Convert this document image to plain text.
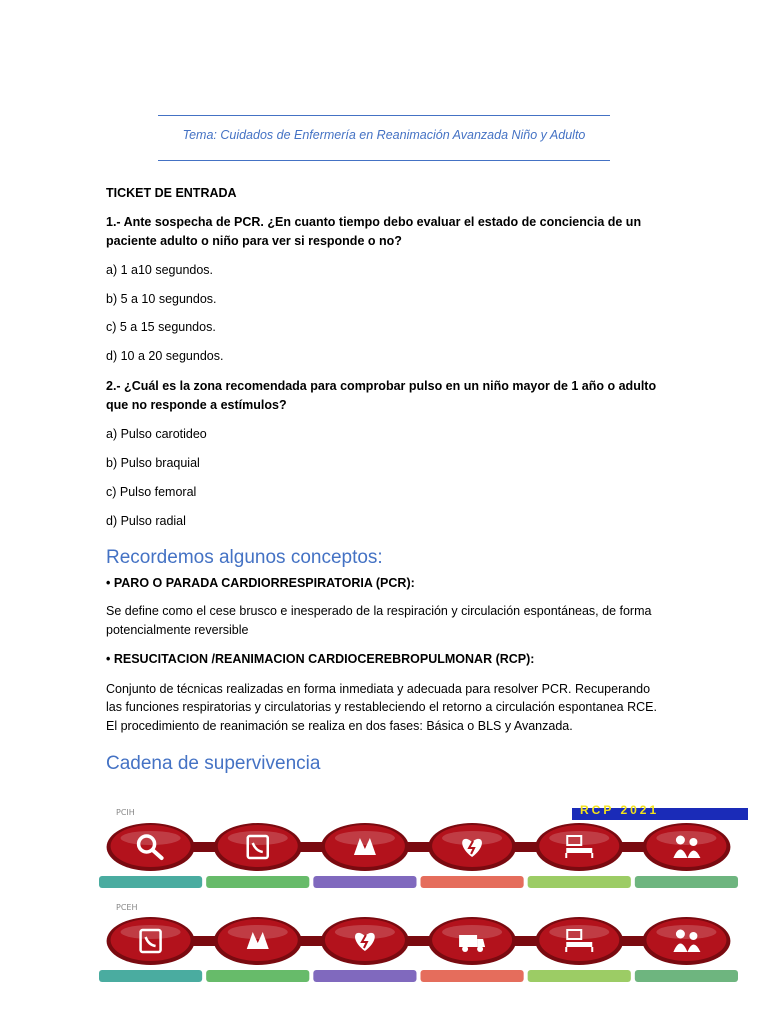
Tema: Cuidados de Enfermería en Reanimación Avanzada Niño y Adulto
TICKET DE ENTRADA
1.- Ante sospecha de PCR. ¿En cuanto tiempo debo evaluar el estado de conciencia de un
paciente adulto o niño para ver si responde o no?
a) 1 a10 segundos.
b) 5 a 10 segundos.
c) 5 a 15 segundos.
d) 10 a 20 segundos.
2.- ¿Cuál es la zona recomendada para comprobar pulso en un niño mayor de 1 año o adulto
que no responde a estímulos?
a) Pulso carotideo
b) Pulso braquial
c) Pulso femoral
d) Pulso radial
Recordemos algunos conceptos:
• PARO O PARADA CARDIORRESPIRATORIA (PCR):
Se define como el cese brusco e inesperado de la respiración y circulación espontáneas, de forma
potencialmente reversible
• RESUCITACION /REANIMACION CARDIOCEREBROPULMONAR (RCP):
Conjunto de técnicas realizadas en forma inmediata y adecuada para resolver PCR. Recuperando
las funciones respiratorias y circulatorias y restableciendo el retorno a circulación espontanea RCE.
El procedimiento de reanimación se realiza en dos fases: Básica o BLS y Avanzada.
Cadena de supervivencia
RCP 2021
PCIH
PCEH
